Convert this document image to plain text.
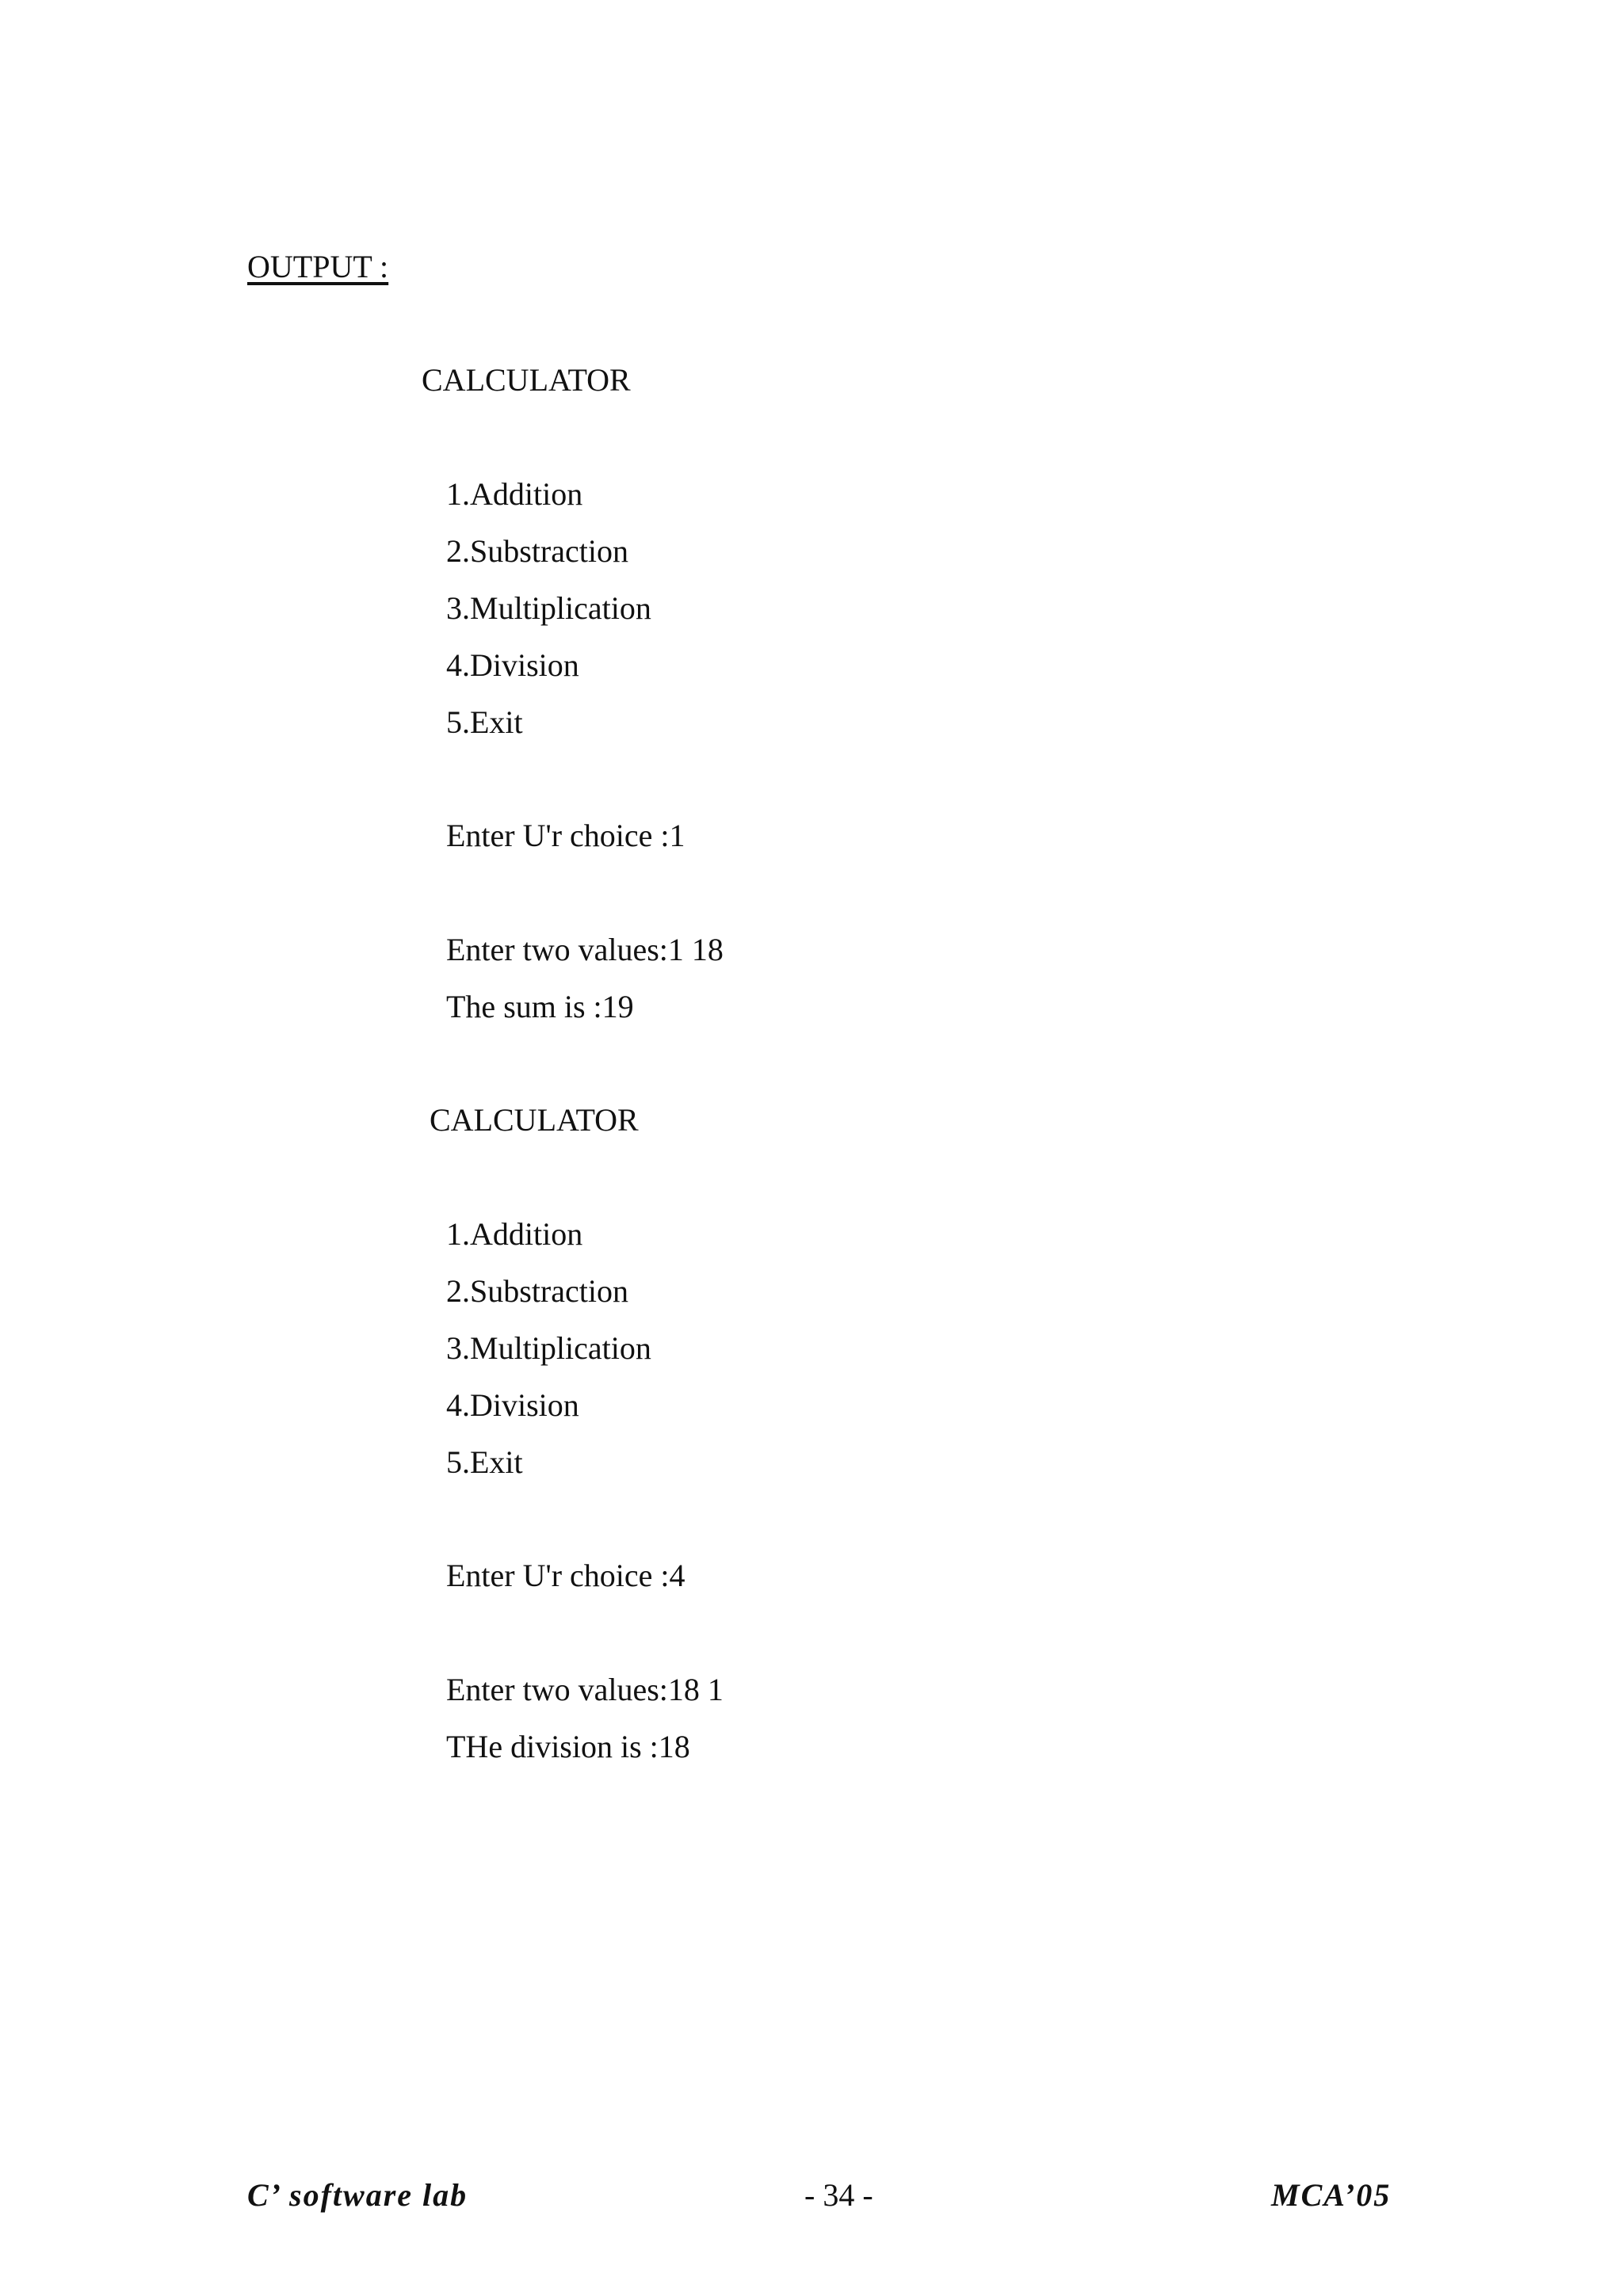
OUTPUT :
CALCULATOR
1.Addition
2.Substraction
3.Multiplication
4.Division
5.Exit
Enter U'r choice :1
Enter two values:1 18
The sum is :19
CALCULATOR
1.Addition
2.Substraction
3.Multiplication
4.Division
5.Exit
Enter U'r choice :4
Enter two values:18 1
THe division is :18
C’ software lab	- 34 -	MCA’05
